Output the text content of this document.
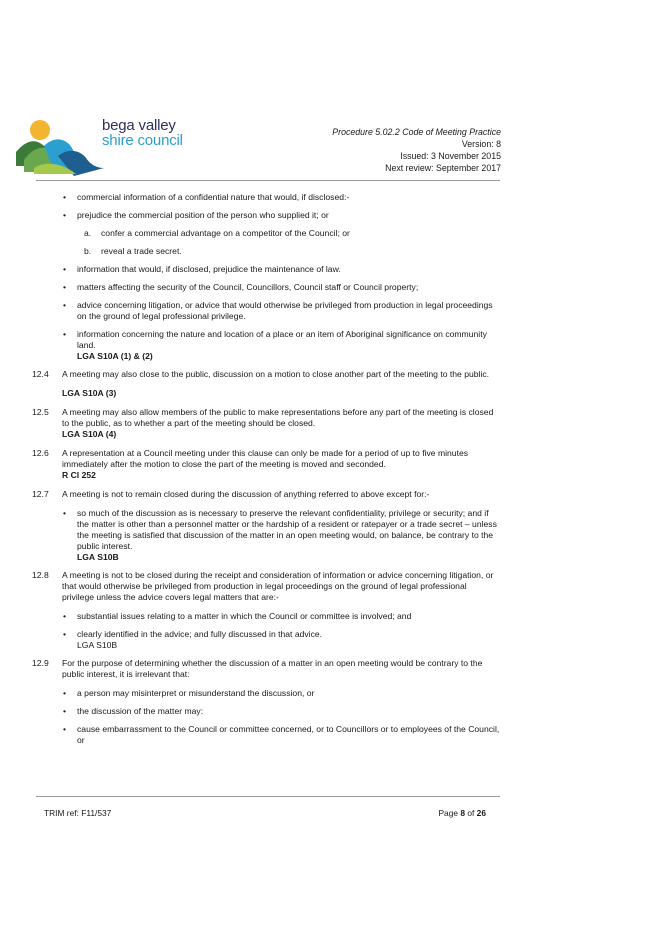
bega valley
shire council	Procedure 5.02.2 Code of Meeting Practice
Version: 8
Issued: 3 November 2015
Next review: September 2017
• commercial information of a confidential nature that would, if disclosed:-
• prejudice the commercial position of the person who supplied it; or
a. confer a commercial advantage on a competitor of the Council; or
b. reveal a trade secret.
• information that would, if disclosed, prejudice the maintenance of law.
• matters affecting the security of the Council, Councillors, Council staff or Council property;
• advice concerning litigation, or advice that would otherwise be privileged from production in legal proceedings on the ground of legal professional privilege.
• information concerning the nature and location of a place or an item of Aboriginal significance on community land.
LGA S10A (1) & (2)
12.4 A meeting may also close to the public, discussion on a motion to close another part of the meeting to the public.
LGA S10A (3)
12.5 A meeting may also allow members of the public to make representations before any part of the meeting is closed to the public, as to whether a part of the meeting should be closed.
LGA S10A (4)
12.6 A representation at a Council meeting under this clause can only be made for a period of up to five minutes immediately after the motion to close the part of the meeting is moved and seconded.
R Cl 252
12.7 A meeting is not to remain closed during the discussion of anything referred to above except for:-
• so much of the discussion as is necessary to preserve the relevant confidentiality, privilege or security; and if the matter is other than a personnel matter or the hardship of a resident or ratepayer or a trade secret – unless the meeting is satisfied that discussion of the matter in an open meeting would, on balance, be contrary to the public interest.
LGA S10B
12.8 A meeting is not to be closed during the receipt and consideration of information or advice concerning litigation, or that would otherwise be privileged from production in legal proceedings on the ground of legal professional privilege unless the advice covers legal matters that are:-
• substantial issues relating to a matter in which the Council or committee is involved; and
• clearly identified in the advice; and fully discussed in that advice.
LGA S10B
12.9 For the purpose of determining whether the discussion of a matter in an open meeting would be contrary to the public interest, it is irrelevant that:
• a person may misinterpret or misunderstand the discussion, or
• the discussion of the matter may:
• cause embarrassment to the Council or committee concerned, or to Councillors or to employees of the Council, or
TRIM ref: F11/537	Page 8 of 26
